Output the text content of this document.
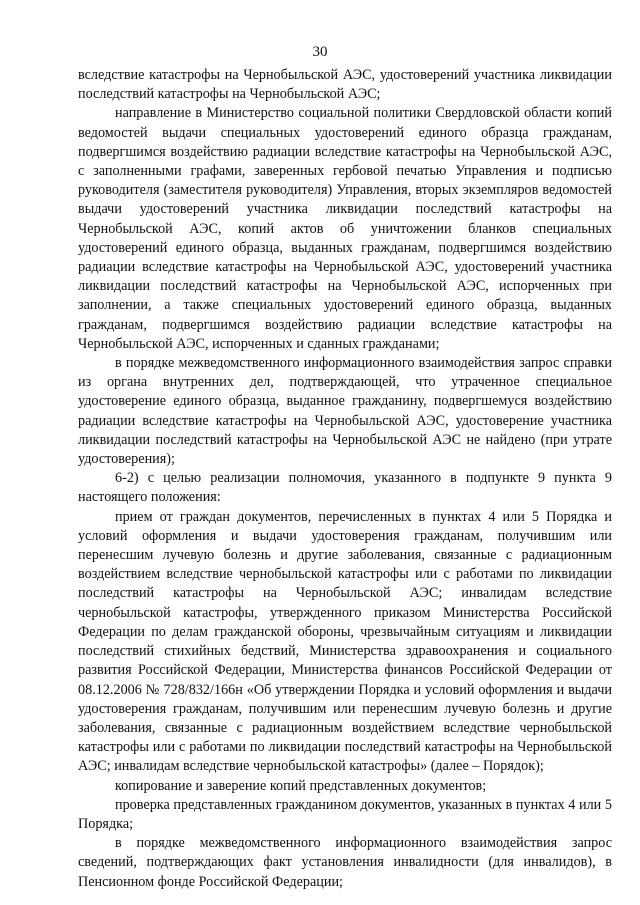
30

вследствие катастрофы на Чернобыльской АЭС, удостоверений участника ликвидации последствий катастрофы на Чернобыльской АЭС;

направление в Министерство социальной политики Свердловской области копий ведомостей выдачи специальных удостоверений единого образца гражданам, подвергшимся воздействию радиации вследствие катастрофы на Чернобыльской АЭС, с заполненными графами, заверенных гербовой печатью Управления и подписью руководителя (заместителя руководителя) Управления, вторых экземпляров ведомостей выдачи удостоверений участника ликвидации последствий катастрофы на Чернобыльской АЭС, копий актов об уничтожении бланков специальных удостоверений единого образца, выданных гражданам, подвергшимся воздействию радиации вследствие катастрофы на Чернобыльской АЭС, удостоверений участника ликвидации последствий катастрофы на Чернобыльской АЭС, испорченных при заполнении, а также специальных удостоверений единого образца, выданных гражданам, подвергшимся воздействию радиации вследствие катастрофы на Чернобыльской АЭС, испорченных и сданных гражданами;

в порядке межведомственного информационного взаимодействия запрос справки из органа внутренних дел, подтверждающей, что утраченное специальное удостоверение единого образца, выданное гражданину, подвергшемуся воздействию радиации вследствие катастрофы на Чернобыльской АЭС, удостоверение участника ликвидации последствий катастрофы на Чернобыльской АЭС не найдено (при утрате удостоверения);

6-2) с целью реализации полномочия, указанного в подпункте 9 пункта 9 настоящего положения:

прием от граждан документов, перечисленных в пунктах 4 или 5 Порядка и условий оформления и выдачи удостоверения гражданам, получившим или перенесшим лучевую болезнь и другие заболевания, связанные с радиационным воздействием вследствие чернобыльской катастрофы или с работами по ликвидации последствий катастрофы на Чернобыльской АЭС; инвалидам вследствие чернобыльской катастрофы, утвержденного приказом Министерства Российской Федерации по делам гражданской обороны, чрезвычайным ситуациям и ликвидации последствий стихийных бедствий, Министерства здравоохранения и социального развития Российской Федерации, Министерства финансов Российской Федерации от 08.12.2006 № 728/832/166н «Об утверждении Порядка и условий оформления и выдачи удостоверения гражданам, получившим или перенесшим лучевую болезнь и другие заболевания, связанные с радиационным воздействием вследствие чернобыльской катастрофы или с работами по ликвидации последствий катастрофы на Чернобыльской АЭС; инвалидам вследствие чернобыльской катастрофы» (далее – Порядок);

копирование и заверение копий представленных документов;

проверка представленных гражданином документов, указанных в пунктах 4 или 5 Порядка;

в порядке межведомственного информационного взаимодействия запрос сведений, подтверждающих факт установления инвалидности (для инвалидов), в Пенсионном фонде Российской Федерации;
